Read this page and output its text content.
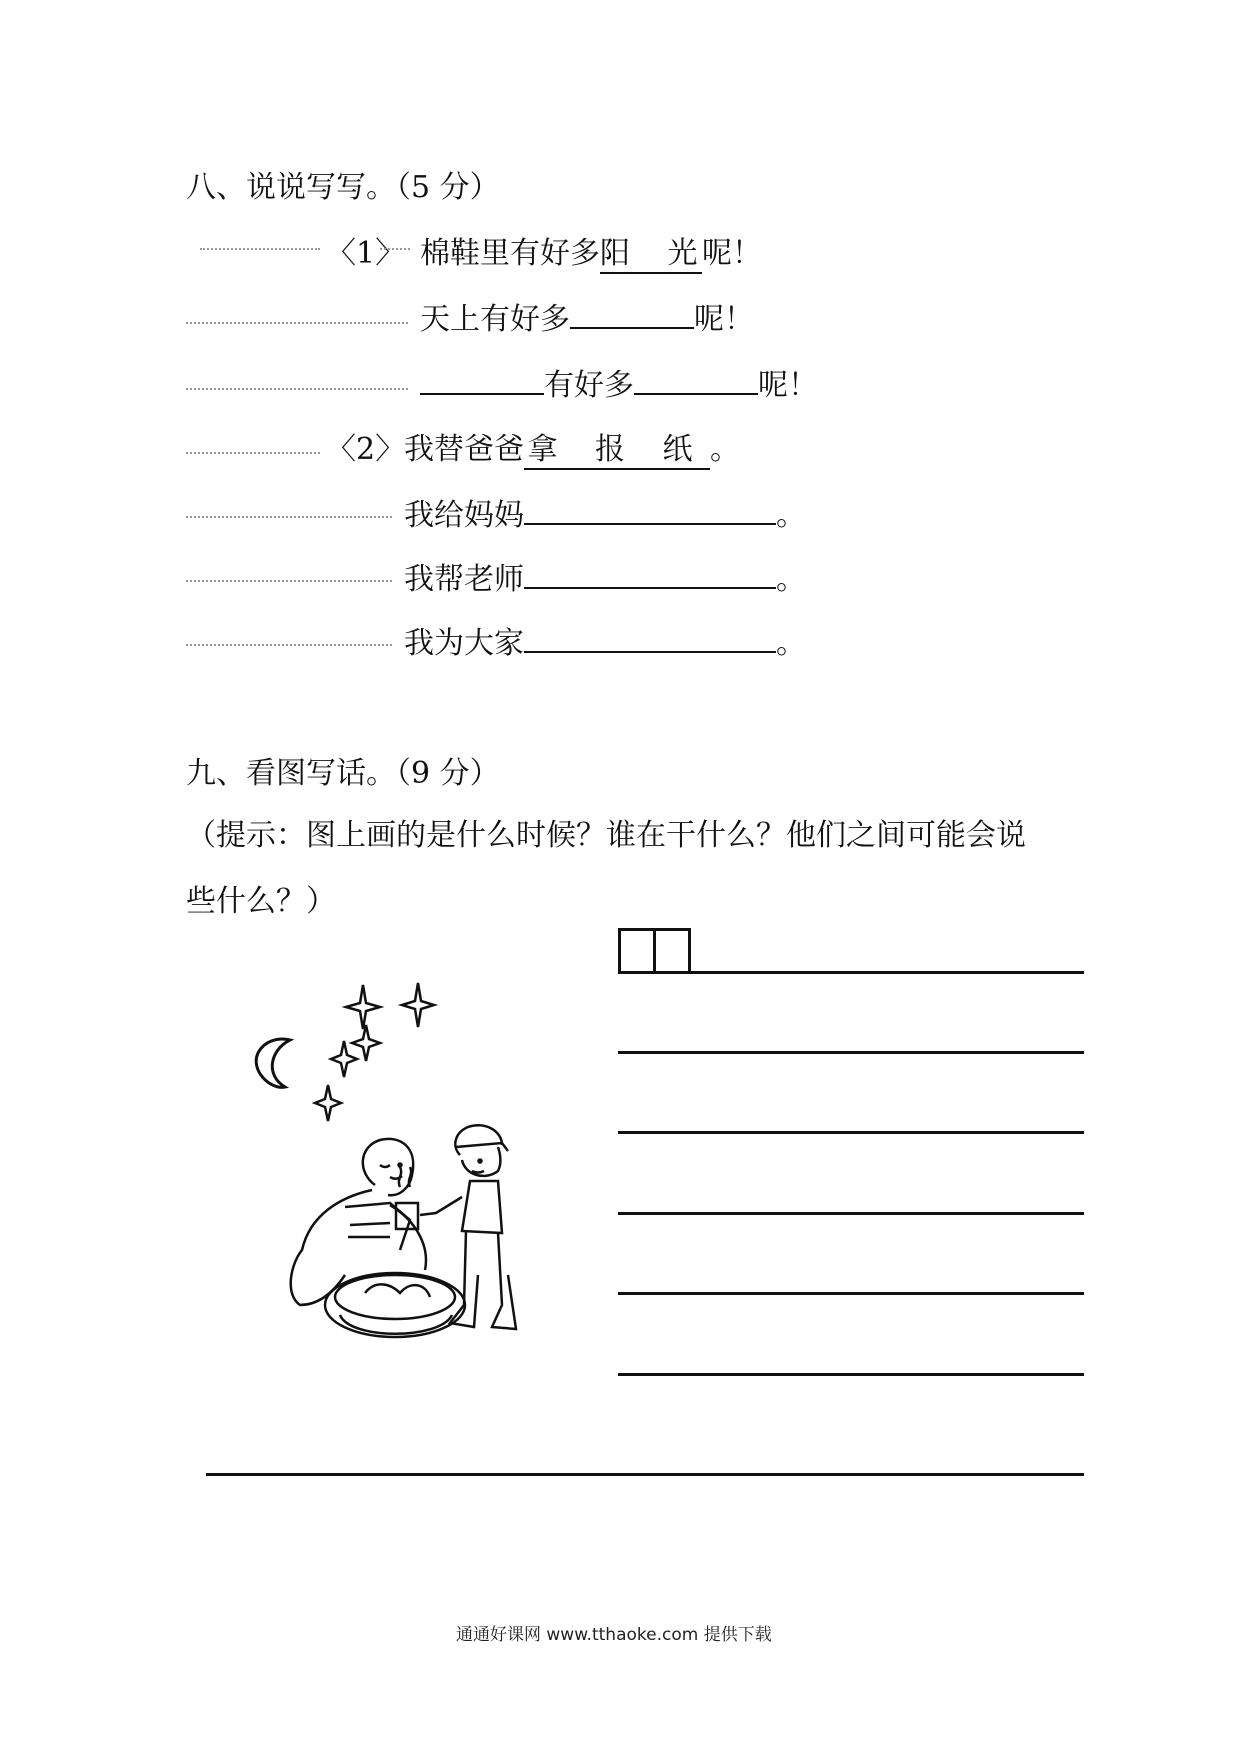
八、说说写写。（5 分）
〈1〉 棉鞋里有好多阳 光呢！
天上有好多	呢！
有好多	呢！
〈2〉
我替爸爸 拿 报 纸 。
我给妈妈	。
我帮老师	。
我为大家	。
九、看图写话。（9 分）
（提示：图上画的是什么时候？谁在干什么？他们之间可能会说
些什么？）
通通好课网 www.tthaoke.com 提供下载
